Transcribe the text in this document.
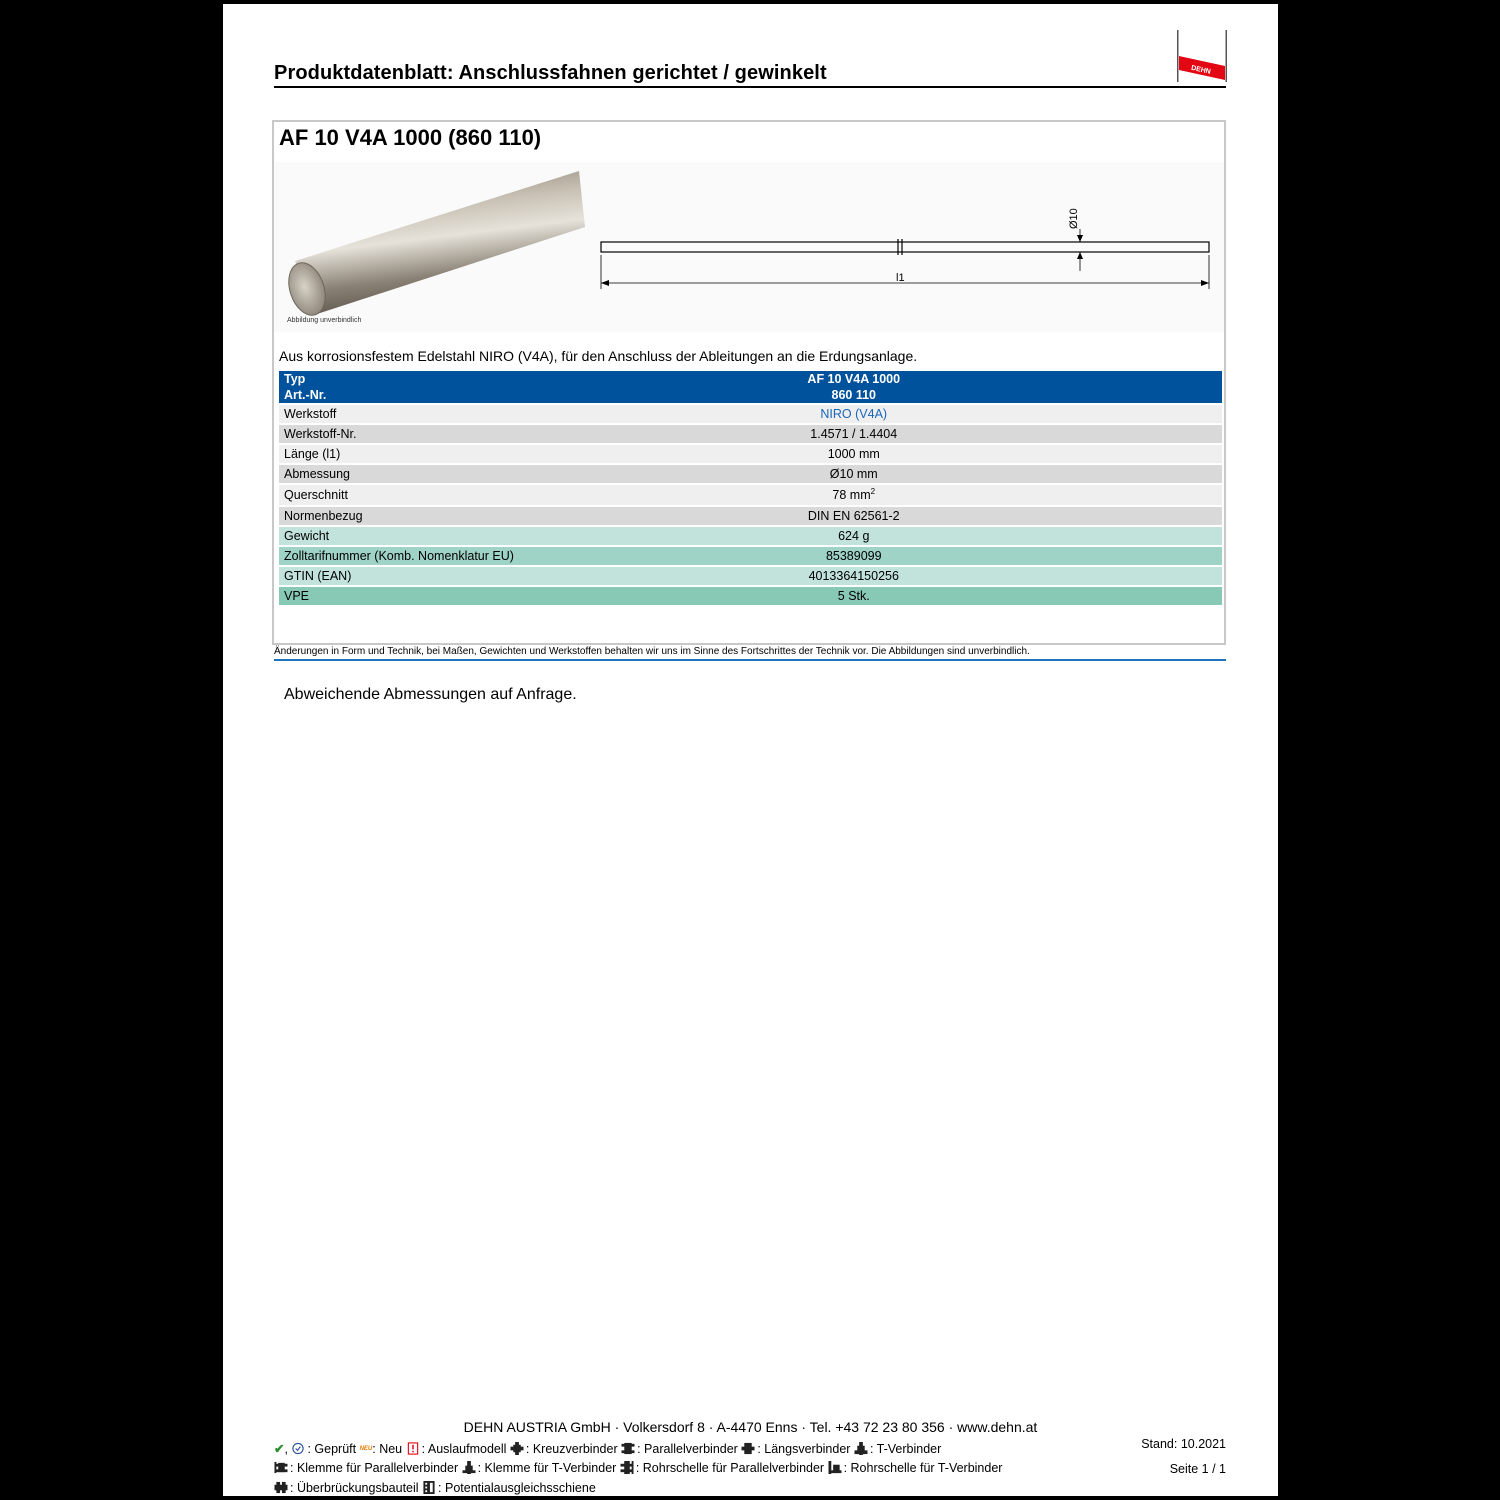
Produktdatenblatt: Anschlussfahnen gerichtet / gewinkelt	DEHN
AF 10 V4A 1000 (860 110)
Abbildung unverbindlich
Ø10
l1
Aus korrosionsfestem Edelstahl NIRO (V4A), für den Anschluss der Ableitungen an die Erdungsanlage.
Typ	AF 10 V4A 1000
Art.-Nr.	860 110
Werkstoff	NIRO (V4A)
Werkstoff-Nr.	1.4571 / 1.4404
Länge (l1)	1000 mm
Abmessung	Ø10 mm
Querschnitt	78 $mm^2$
Normenbezug	DIN EN 62561-2
Gewicht	624 g
Zolltarifnummer (Komb. Nomenklatur EU)	85389099
GTIN (EAN)	4013364150256
VPE	5 Stk.
Änderungen in Form und Technik, bei Maßen, Gewichten und Werkstoffen behalten wir uns im Sinne des Fortschrittes der Technik vor. Die Abbildungen sind unverbindlich.
Abweichende Abmessungen auf Anfrage.
DEHN AUSTRIA GmbH · Volkersdorf 8 · A-4470 Enns · Tel. +43 72 23 80 356 · www.dehn.at
✔, : Geprüft NEU: Neu : Auslaufmodell : Kreuzverbinder : Parallelverbinder : Längsverbinder : T-Verbinder
: Klemme für Parallelverbinder : Klemme für T-Verbinder : Rohrschelle für Parallelverbinder : Rohrschelle für T-Verbinder
: Überbrückungsbauteil : Potentialausgleichsschiene
Stand: 10.2021
Seite 1 / 1
